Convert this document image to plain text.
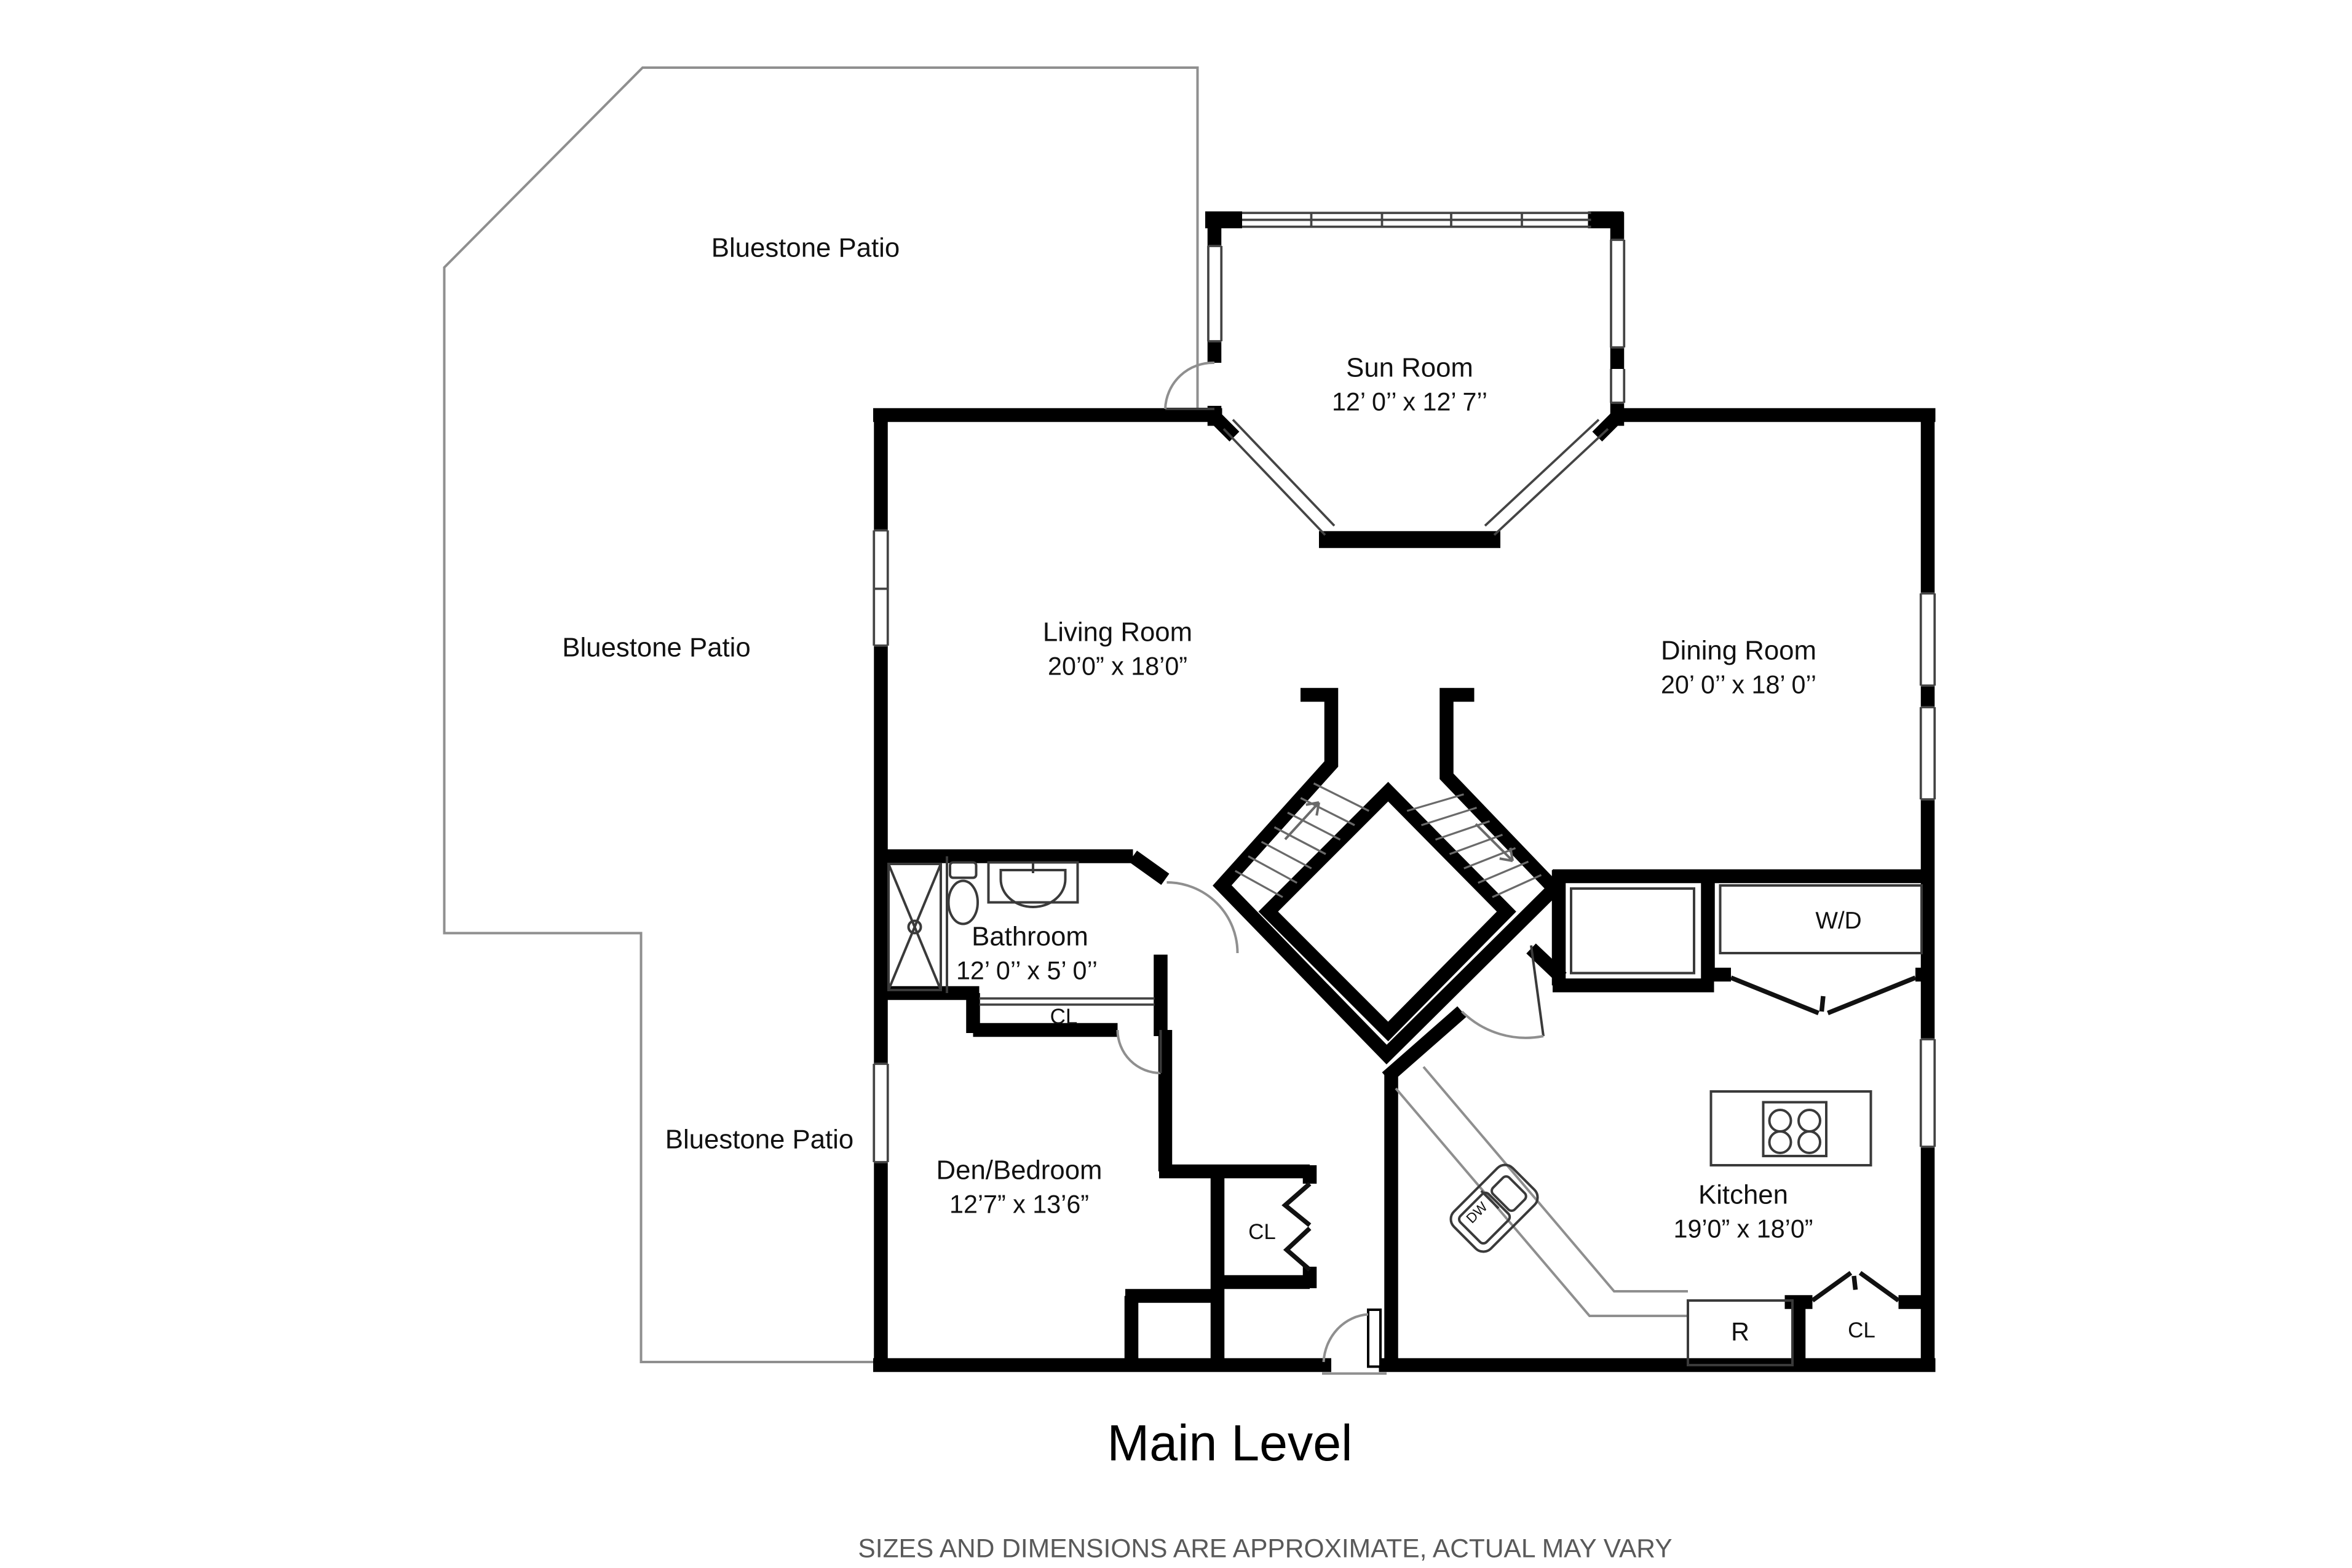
Bluestone Patio
Bluestone Patio
Bluestone Patio
Sun Room
12’ 0’’ x 12’ 7’’
Living Room
20’0” x 18’0”
Dining Room
20’ 0’’ x 18’ 0’’
Bathroom
12’ 0’’ x 5’ 0’’
CL
Den/Bedroom
12’7” x 13’6”
CL
W/D
DW
R
Kitchen
19’0” x 18’0”
CL
Main Level
SIZES AND DIMENSIONS ARE APPROXIMATE, ACTUAL MAY VARY
